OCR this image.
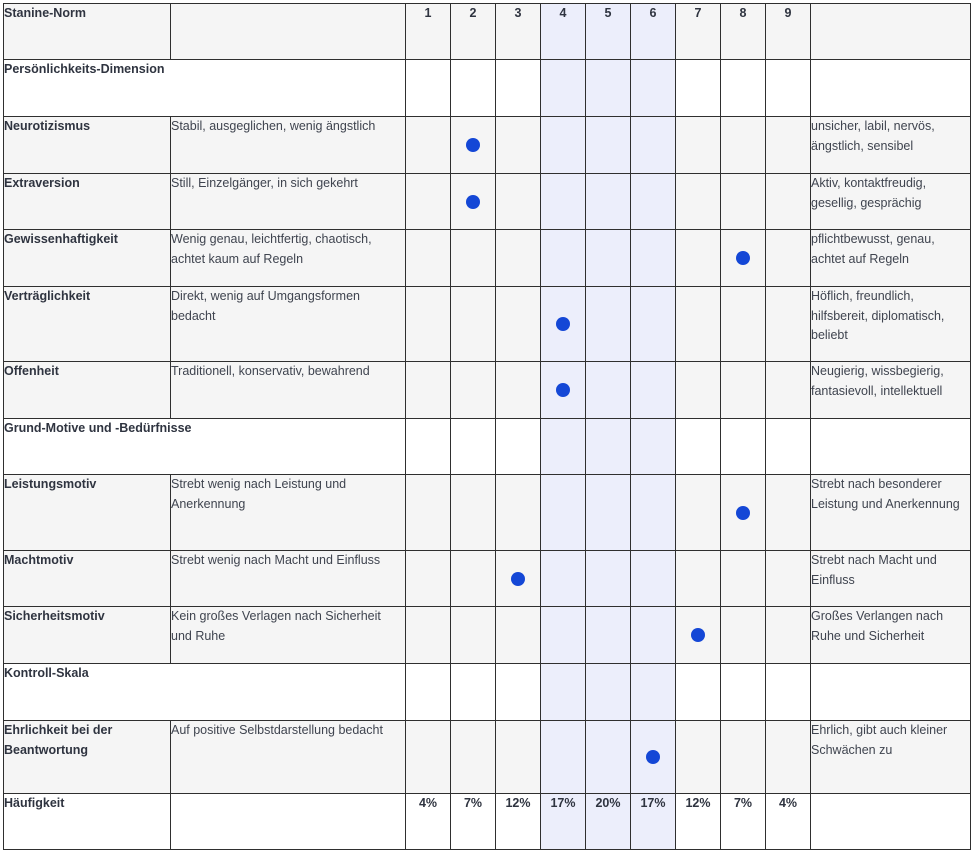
Stanine-Norm		1	2	3	4	5	6	7	8	9	
Persönlichkeits-Dimension											
Neurotizismus	Stabil, ausgeglichen, wenig ängstlich										unsicher, labil, nervös, ängstlich, sensibel
Extraversion	Still, Einzelgänger, in sich gekehrt										Aktiv, kontaktfreudig, gesellig, gesprächig
Gewissenhaftigkeit	Wenig genau, leichtfertig, chaotisch, achtet kaum auf Regeln										pflichtbewusst, genau, achtet auf Regeln
Verträglichkeit	Direkt, wenig auf Umgangsformen bedacht										Höflich, freundlich, hilfsbereit, diplomatisch, beliebt
Offenheit	Traditionell, konservativ, bewahrend										Neugierig, wissbegierig, fantasievoll, intellektuell
Grund-Motive und -Bedürfnisse											
Leistungsmotiv	Strebt wenig nach Leistung und Anerkennung										Strebt nach besonderer Leistung und Anerkennung
Machtmotiv	Strebt wenig nach Macht und Einfluss										Strebt nach Macht und Einfluss
Sicherheitsmotiv	Kein großes Verlagen nach Sicherheit und Ruhe										Großes Verlangen nach Ruhe und Sicherheit
Kontroll-Skala											
Ehrlichkeit bei der Beantwortung	Auf positive Selbstdarstellung bedacht										Ehrlich, gibt auch kleiner Schwächen zu
Häufigkeit		4%	7%	12%	17%	20%	17%	12%	7%	4%	
